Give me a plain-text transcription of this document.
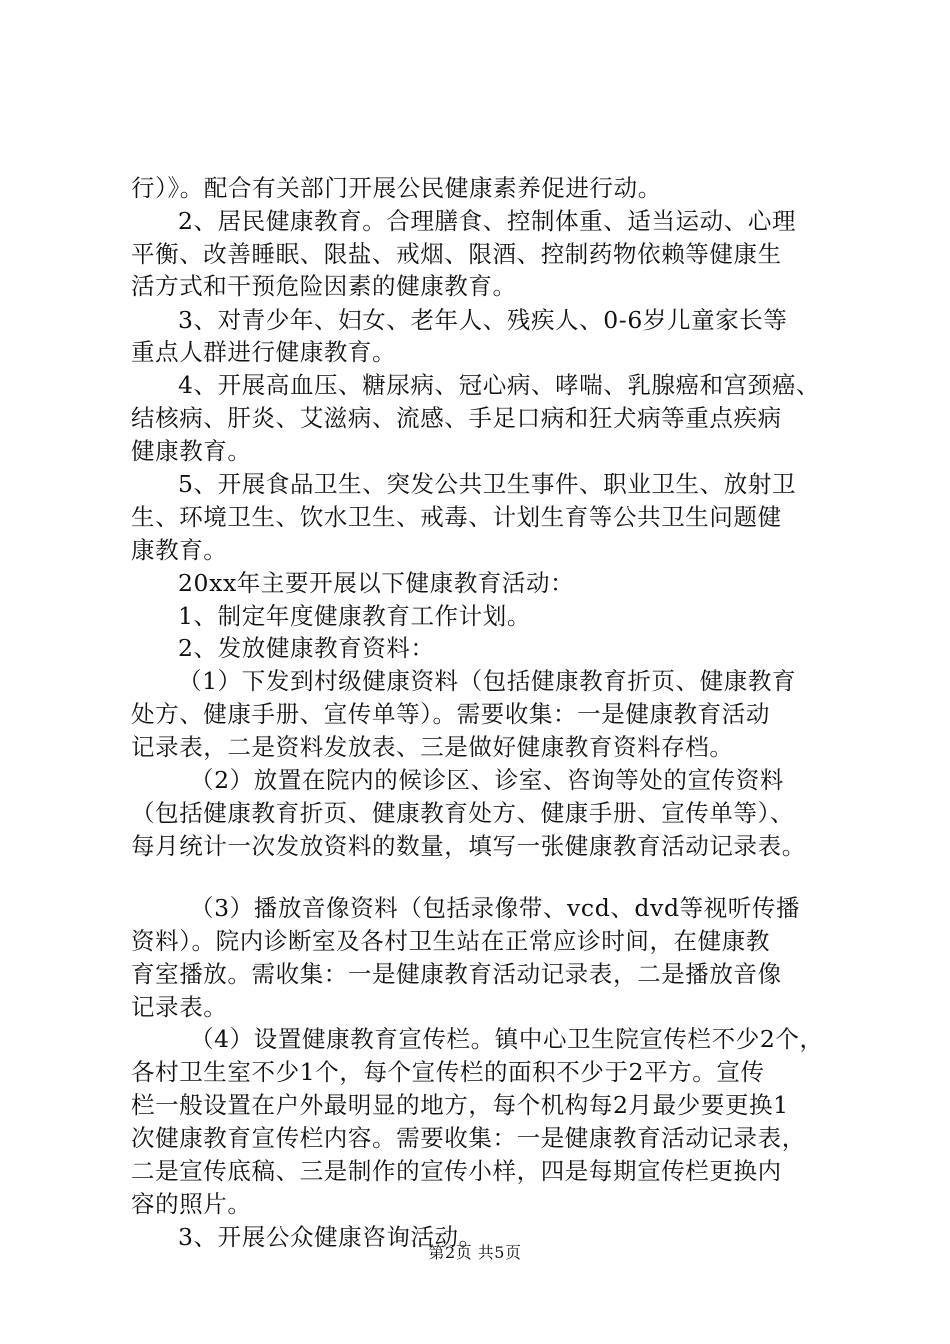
行）》。配合有关部门开展公民健康素养促进行动。
2、居民健康教育。合理膳食、控制体重、适当运动、心理
平衡、改善睡眠、限盐、戒烟、限酒、控制药物依赖等健康生
活方式和干预危险因素的健康教育。
3、对青少年、妇女、老年人、残疾人、0-6岁儿童家长等
重点人群进行健康教育。
4、开展高血压、糖尿病、冠心病、哮喘、乳腺癌和宫颈癌、
结核病、肝炎、艾滋病、流感、手足口病和狂犬病等重点疾病
健康教育。
5、开展食品卫生、突发公共卫生事件、职业卫生、放射卫
生、环境卫生、饮水卫生、戒毒、计划生育等公共卫生问题健
康教育。
20xx年主要开展以下健康教育活动：
1、制定年度健康教育工作计划。
2、发放健康教育资料：
（1）下发到村级健康资料（包括健康教育折页、健康教育
处方、健康手册、宣传单等）。需要收集：一是健康教育活动
记录表，二是资料发放表、三是做好健康教育资料存档。
（2）放置在院内的候诊区、诊室、咨询等处的宣传资料
（包括健康教育折页、健康教育处方、健康手册、宣传单等）、
每月统计一次发放资料的数量，填写一张健康教育活动记录表。
（3）播放音像资料（包括录像带、vcd、dvd等视听传播
资料）。院内诊断室及各村卫生站在正常应诊时间，在健康教
育室播放。需收集：一是健康教育活动记录表，二是播放音像
记录表。
（4）设置健康教育宣传栏。镇中心卫生院宣传栏不少2个，
各村卫生室不少1个，每个宣传栏的面积不少于2平方。宣传
栏一般设置在户外最明显的地方，每个机构每2月最少要更换1
次健康教育宣传栏内容。需要收集：一是健康教育活动记录表，
二是宣传底稿、三是制作的宣传小样，四是每期宣传栏更换内
容的照片。
3、开展公众健康咨询活动。
第2页 共5页
